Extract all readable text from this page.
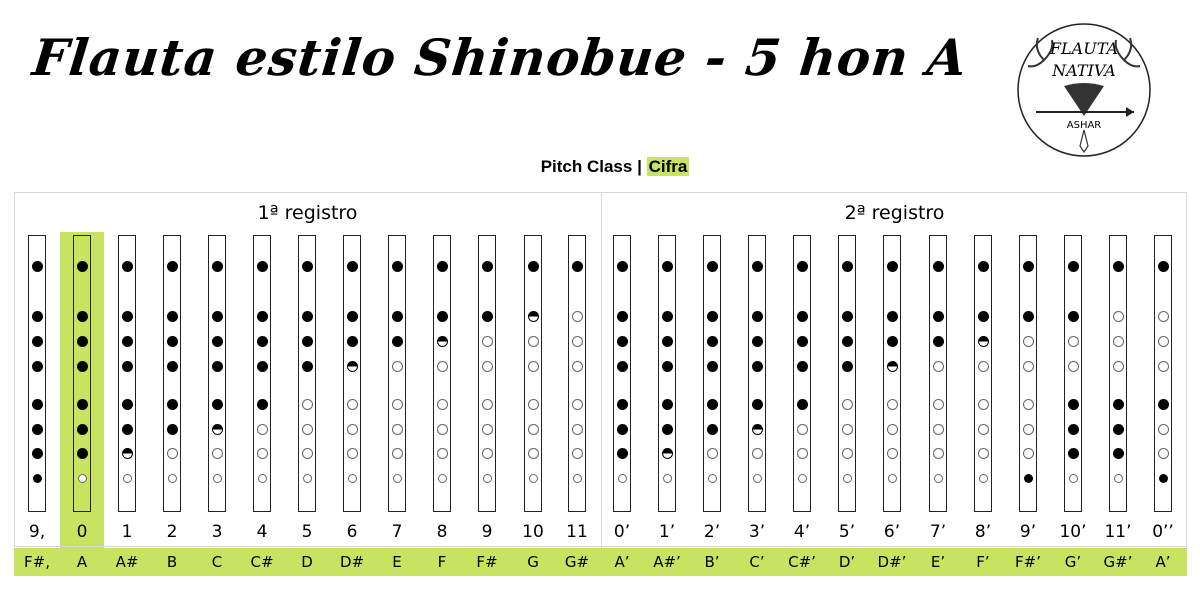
Flauta estilo Shinobue - 5 hon A	FLAUTA
NATIVA
ASHAR
Pitch Class | Cifra
1ª registro	2ª registro
9,
F#,
0
A
1
A#
2
B
3
C
4
C#
5
D
6
D#
7
E
8
F
9
F#
10
G
11
G#
0’
A’
1’
A#’
2’
B’
3’
C’
4’
C#’
5’
D’
6’
D#’
7’
E’
8’
F’
9’
F#’
10’
G’
11’
G#’
0’’
A’
